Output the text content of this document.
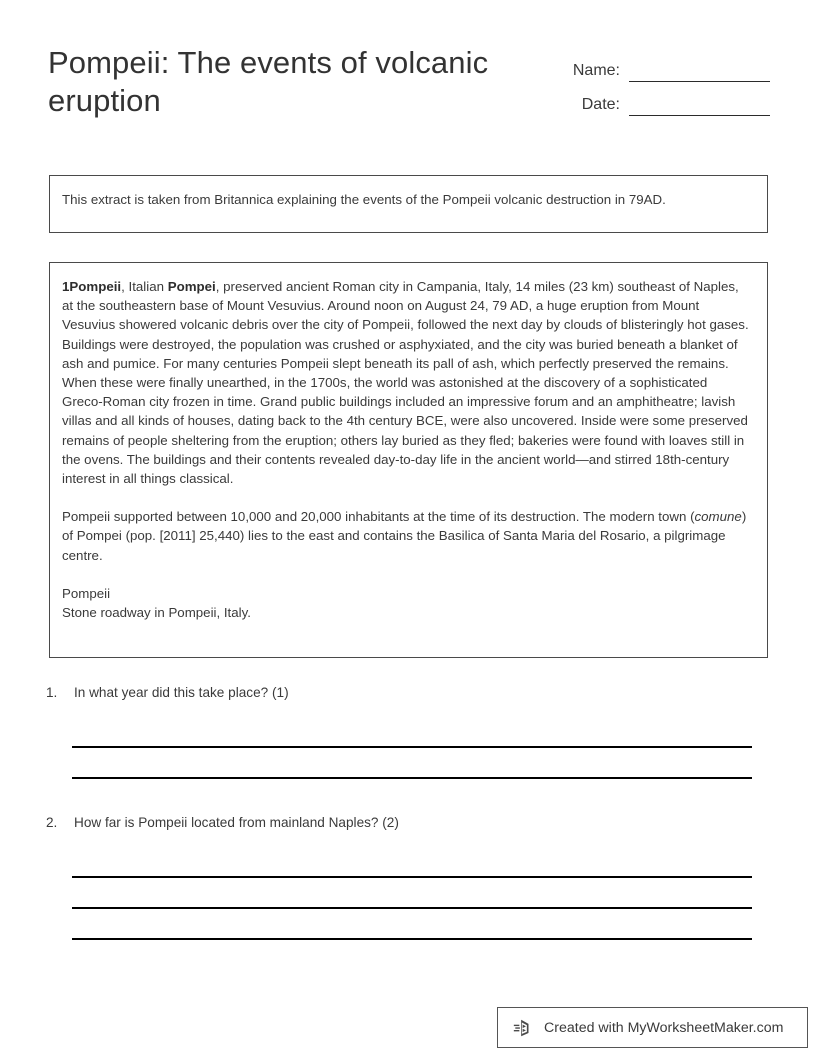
Pompeii: The events of volcanic eruption
Name:
Date:
This extract is taken from Britannica explaining the events of the Pompeii volcanic destruction in 79AD.

1Pompeii, Italian Pompei, preserved ancient Roman city in Campania, Italy, 14 miles (23 km) southeast of Naples, at the southeastern base of Mount Vesuvius. Around noon on August 24, 79 AD, a huge eruption from Mount Vesuvius showered volcanic debris over the city of Pompeii, followed the next day by clouds of blisteringly hot gases. Buildings were destroyed, the population was crushed or asphyxiated, and the city was buried beneath a blanket of ash and pumice. For many centuries Pompeii slept beneath its pall of ash, which perfectly preserved the remains. When these were finally unearthed, in the 1700s, the world was astonished at the discovery of a sophisticated Greco-Roman city frozen in time. Grand public buildings included an impressive forum and an amphitheatre; lavish villas and all kinds of houses, dating back to the 4th century BCE, were also uncovered. Inside were some preserved remains of people sheltering from the eruption; others lay buried as they fled; bakeries were found with loaves still in the ovens. The buildings and their contents revealed day-to-day life in the ancient world—and stirred 18th-century interest in all things classical.

Pompeii supported between 10,000 and 20,000 inhabitants at the time of its destruction. The modern town (comune) of Pompei (pop. [2011] 25,440) lies to the east and contains the Basilica of Santa Maria del Rosario, a pilgrimage centre.

Pompeii
Stone roadway in Pompeii, Italy.

1.	In what year did this take place? (1)
2.	How far is Pompeii located from mainland Naples? (2)
Created with MyWorksheetMaker.com
